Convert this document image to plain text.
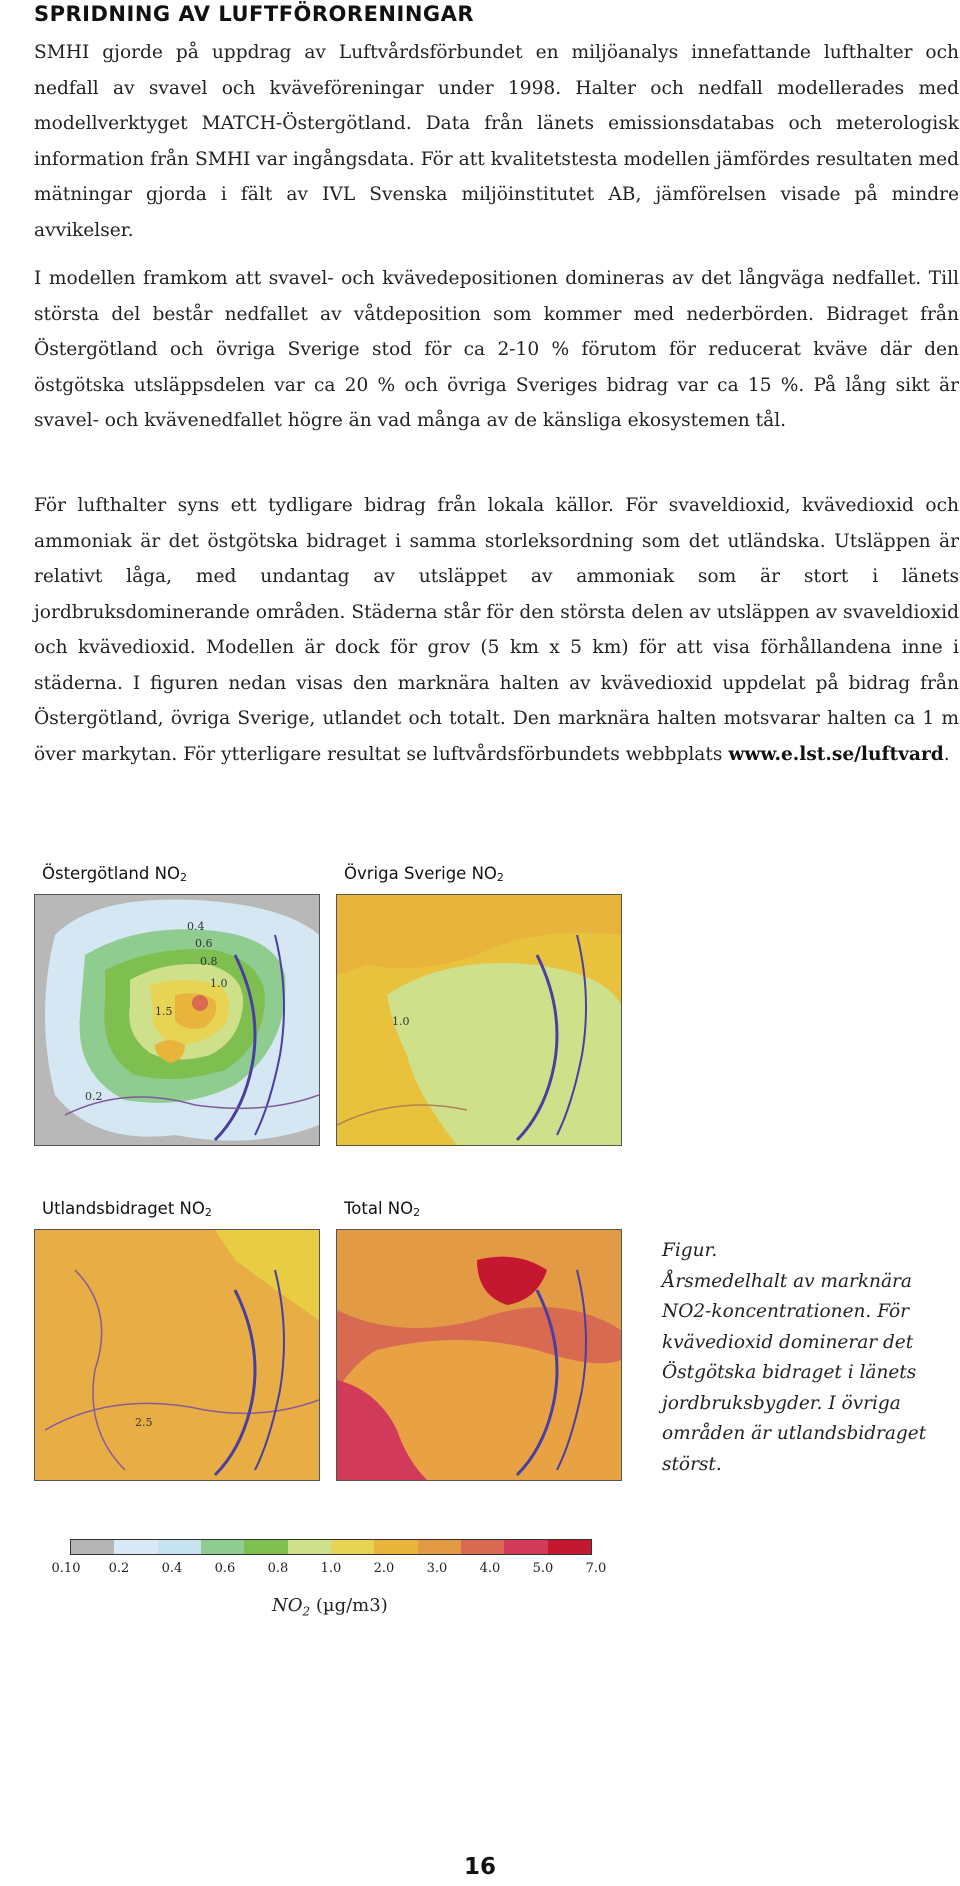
SPRIDNING AV LUFTFÖRORENINGAR

SMHI gjorde på uppdrag av Luftvårdsförbundet en miljöanalys innefattande lufthalter och nedfall av svavel och kväveföreningar under 1998. Halter och nedfall modellerades med modellverktyget MATCH-Östergötland. Data från länets emissionsdatabas och meterologisk information från SMHI var ingångsdata. För att kvalitetstesta modellen jämfördes resultaten med mätningar gjorda i fält av IVL Svenska miljöinstitutet AB, jämförelsen visade på mindre avvikelser.

I modellen framkom att svavel- och kvävedepositionen domineras av det långväga nedfallet. Till största del består nedfallet av våtdeposition som kommer med nederbörden. Bidraget från Östergötland och övriga Sverige stod för ca 2-10 % förutom för reducerat kväve där den östgötska utsläppsdelen var ca 20 % och övriga Sveriges bidrag var ca 15 %. På lång sikt är svavel- och kvävenedfallet högre än vad många av de känsliga ekosystemen tål.

För lufthalter syns ett tydligare bidrag från lokala källor. För svaveldioxid, kvävedioxid och ammoniak är det östgötska bidraget i samma storleksordning som det utländska. Utsläppen är relativt låga, med undantag av utsläppet av ammoniak som är stort i länets jordbruksdominerande områden. Städerna står för den största delen av utsläppen av svaveldioxid och kvävedioxid. Modellen är dock för grov (5 km x 5 km) för att visa förhållandena inne i städerna. I figuren nedan visas den marknära halten av kvävedioxid uppdelat på bidrag från Östergötland, övriga Sverige, utlandet och totalt. Den marknära halten motsvarar halten ca 1 m över markytan. För ytterligare resultat se luftvårdsförbundets webbplats www.e.lst.se/luftvard.

Östergötland $NO_2$
0.4
0.6
0.8
1.0
1.5
0.2
Övriga Sverige $NO_2$
1.0
Utlandsbidraget $NO_2$
2.5
Total $NO_2$
Figur.
Årsmedelhalt av marknära
NO2-koncentrationen. För
kvävedioxid dominerar det
Östgötska bidraget i länets
jordbruksbygder. I övriga
områden är utlandsbidraget
störst.
0.10 0.2 0.4 0.6 0.8 1.0 2.0 3.0 4.0 5.0 7.0
$NO_2$ (µg/m3)
16
